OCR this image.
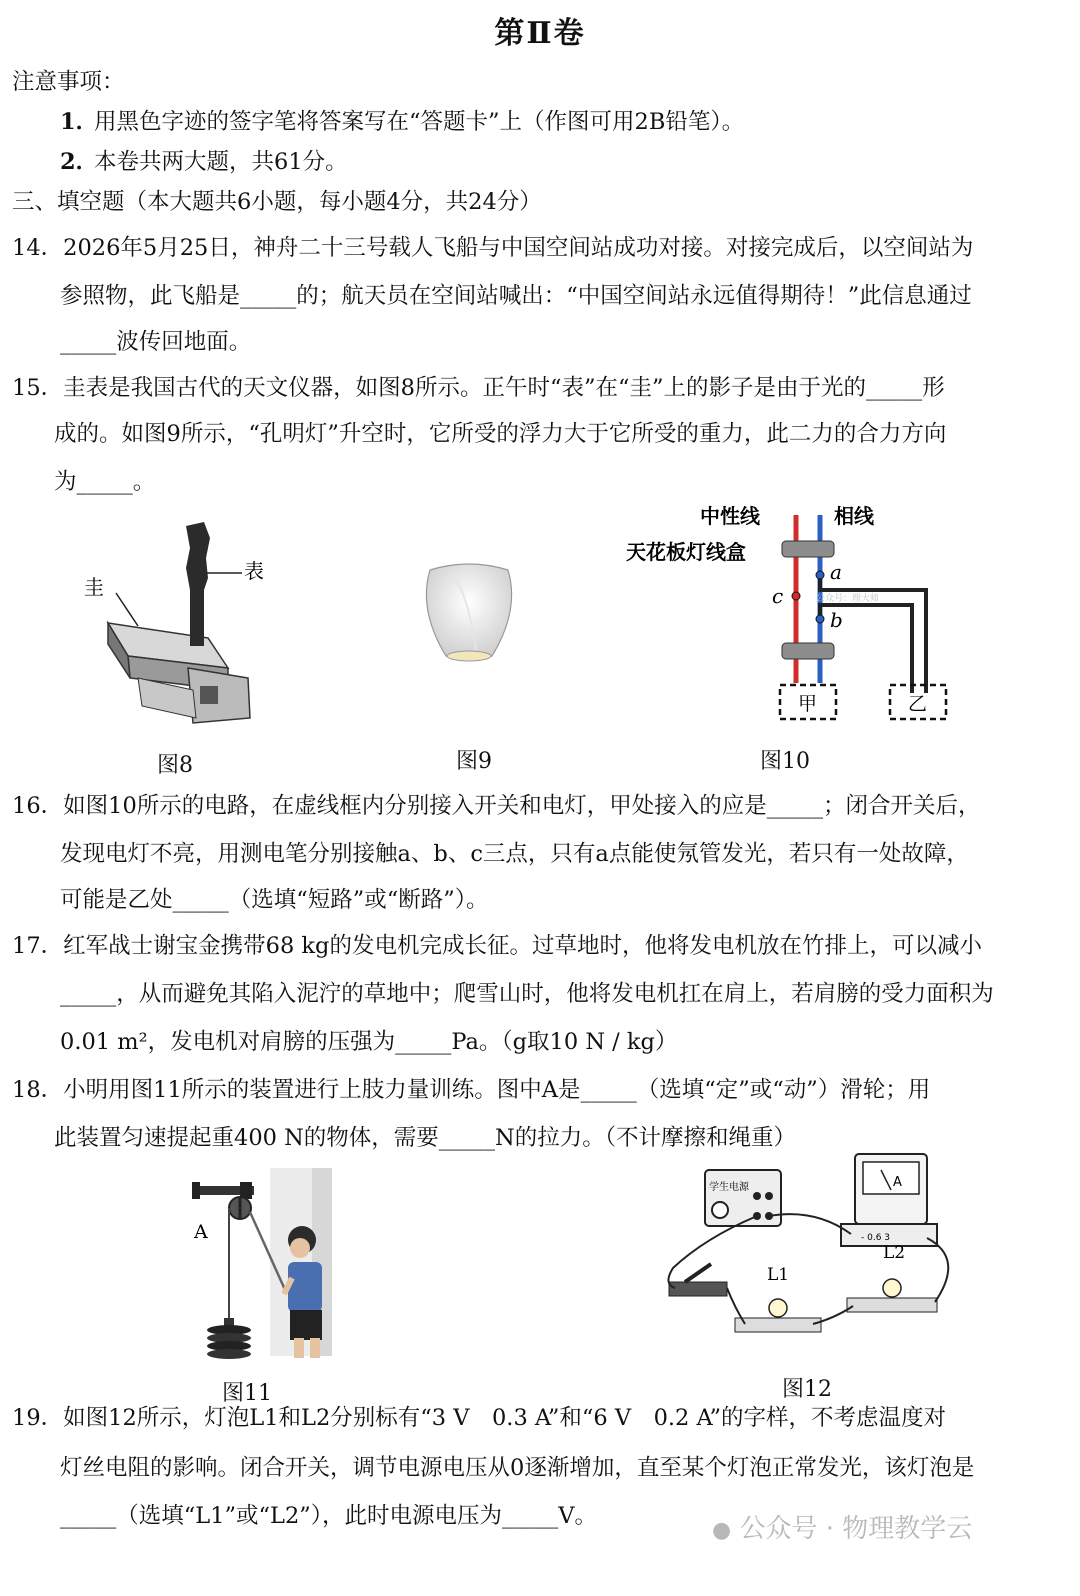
第Ⅱ卷
注意事项：
1．
用黑色字迹的签字笔将答案写在“答题卡”上（作图可用2B铅笔）。
2．
本卷共两大题，共61分。
三、填空题（本大题共6小题，每小题4分，共24分）
14．2026年5月25日，神舟二十三号载人飞船与中国空间站成功对接。对接完成后，以空间站为
参照物，此飞船是_____的；航天员在空间站喊出：“中国空间站永远值得期待！”此信息通过
_____波传回地面。
15．圭表是我国古代的天文仪器，如图8所示。正午时“表”在“圭”上的影子是由于光的_____形
成的。如图9所示，“孔明灯”升空时，它所受的浮力大于它所受的重力，此二力的合力方向
为_____。
表
圭
图8	图9
中性线	相线
天花板灯线盒
a
c
b
公众号：理大师
甲	乙
图10
16．如图10所示的电路，在虚线框内分别接入开关和电灯，甲处接入的应是_____；闭合开关后，
发现电灯不亮，用测电笔分别接触a、b、c三点，只有a点能使氖管发光，若只有一处故障，
可能是乙处_____（选填“短路”或“断路”）。
17．红军战士谢宝金携带68 kg的发电机完成长征。过草地时，他将发电机放在竹排上，可以减小
_____，从而避免其陷入泥泞的草地中；爬雪山时，他将发电机扛在肩上，若肩膀的受力面积为
0.01 m²，发电机对肩膀的压强为_____Pa。（g取10 N / kg）
18．小明用图11所示的装置进行上肢力量训练。图中A是_____（选填“定”或“动”）滑轮；用
此装置匀速提起重400 N的物体，需要_____N的拉力。（不计摩擦和绳重）
A
图11
学生电源	A
- 0.6 3
L1
L2
图12
19．如图12所示，灯泡L1和L2分别标有“3 V　0.3 A”和“6 V　0.2 A”的字样，不考虑温度对
灯丝电阻的影响。闭合开关，调节电源电压从0逐渐增加，直至某个灯泡正常发光，该灯泡是
_____（选填“L1”或“L2”），此时电源电压为_____V。
● 公众号 · 物理教学云
